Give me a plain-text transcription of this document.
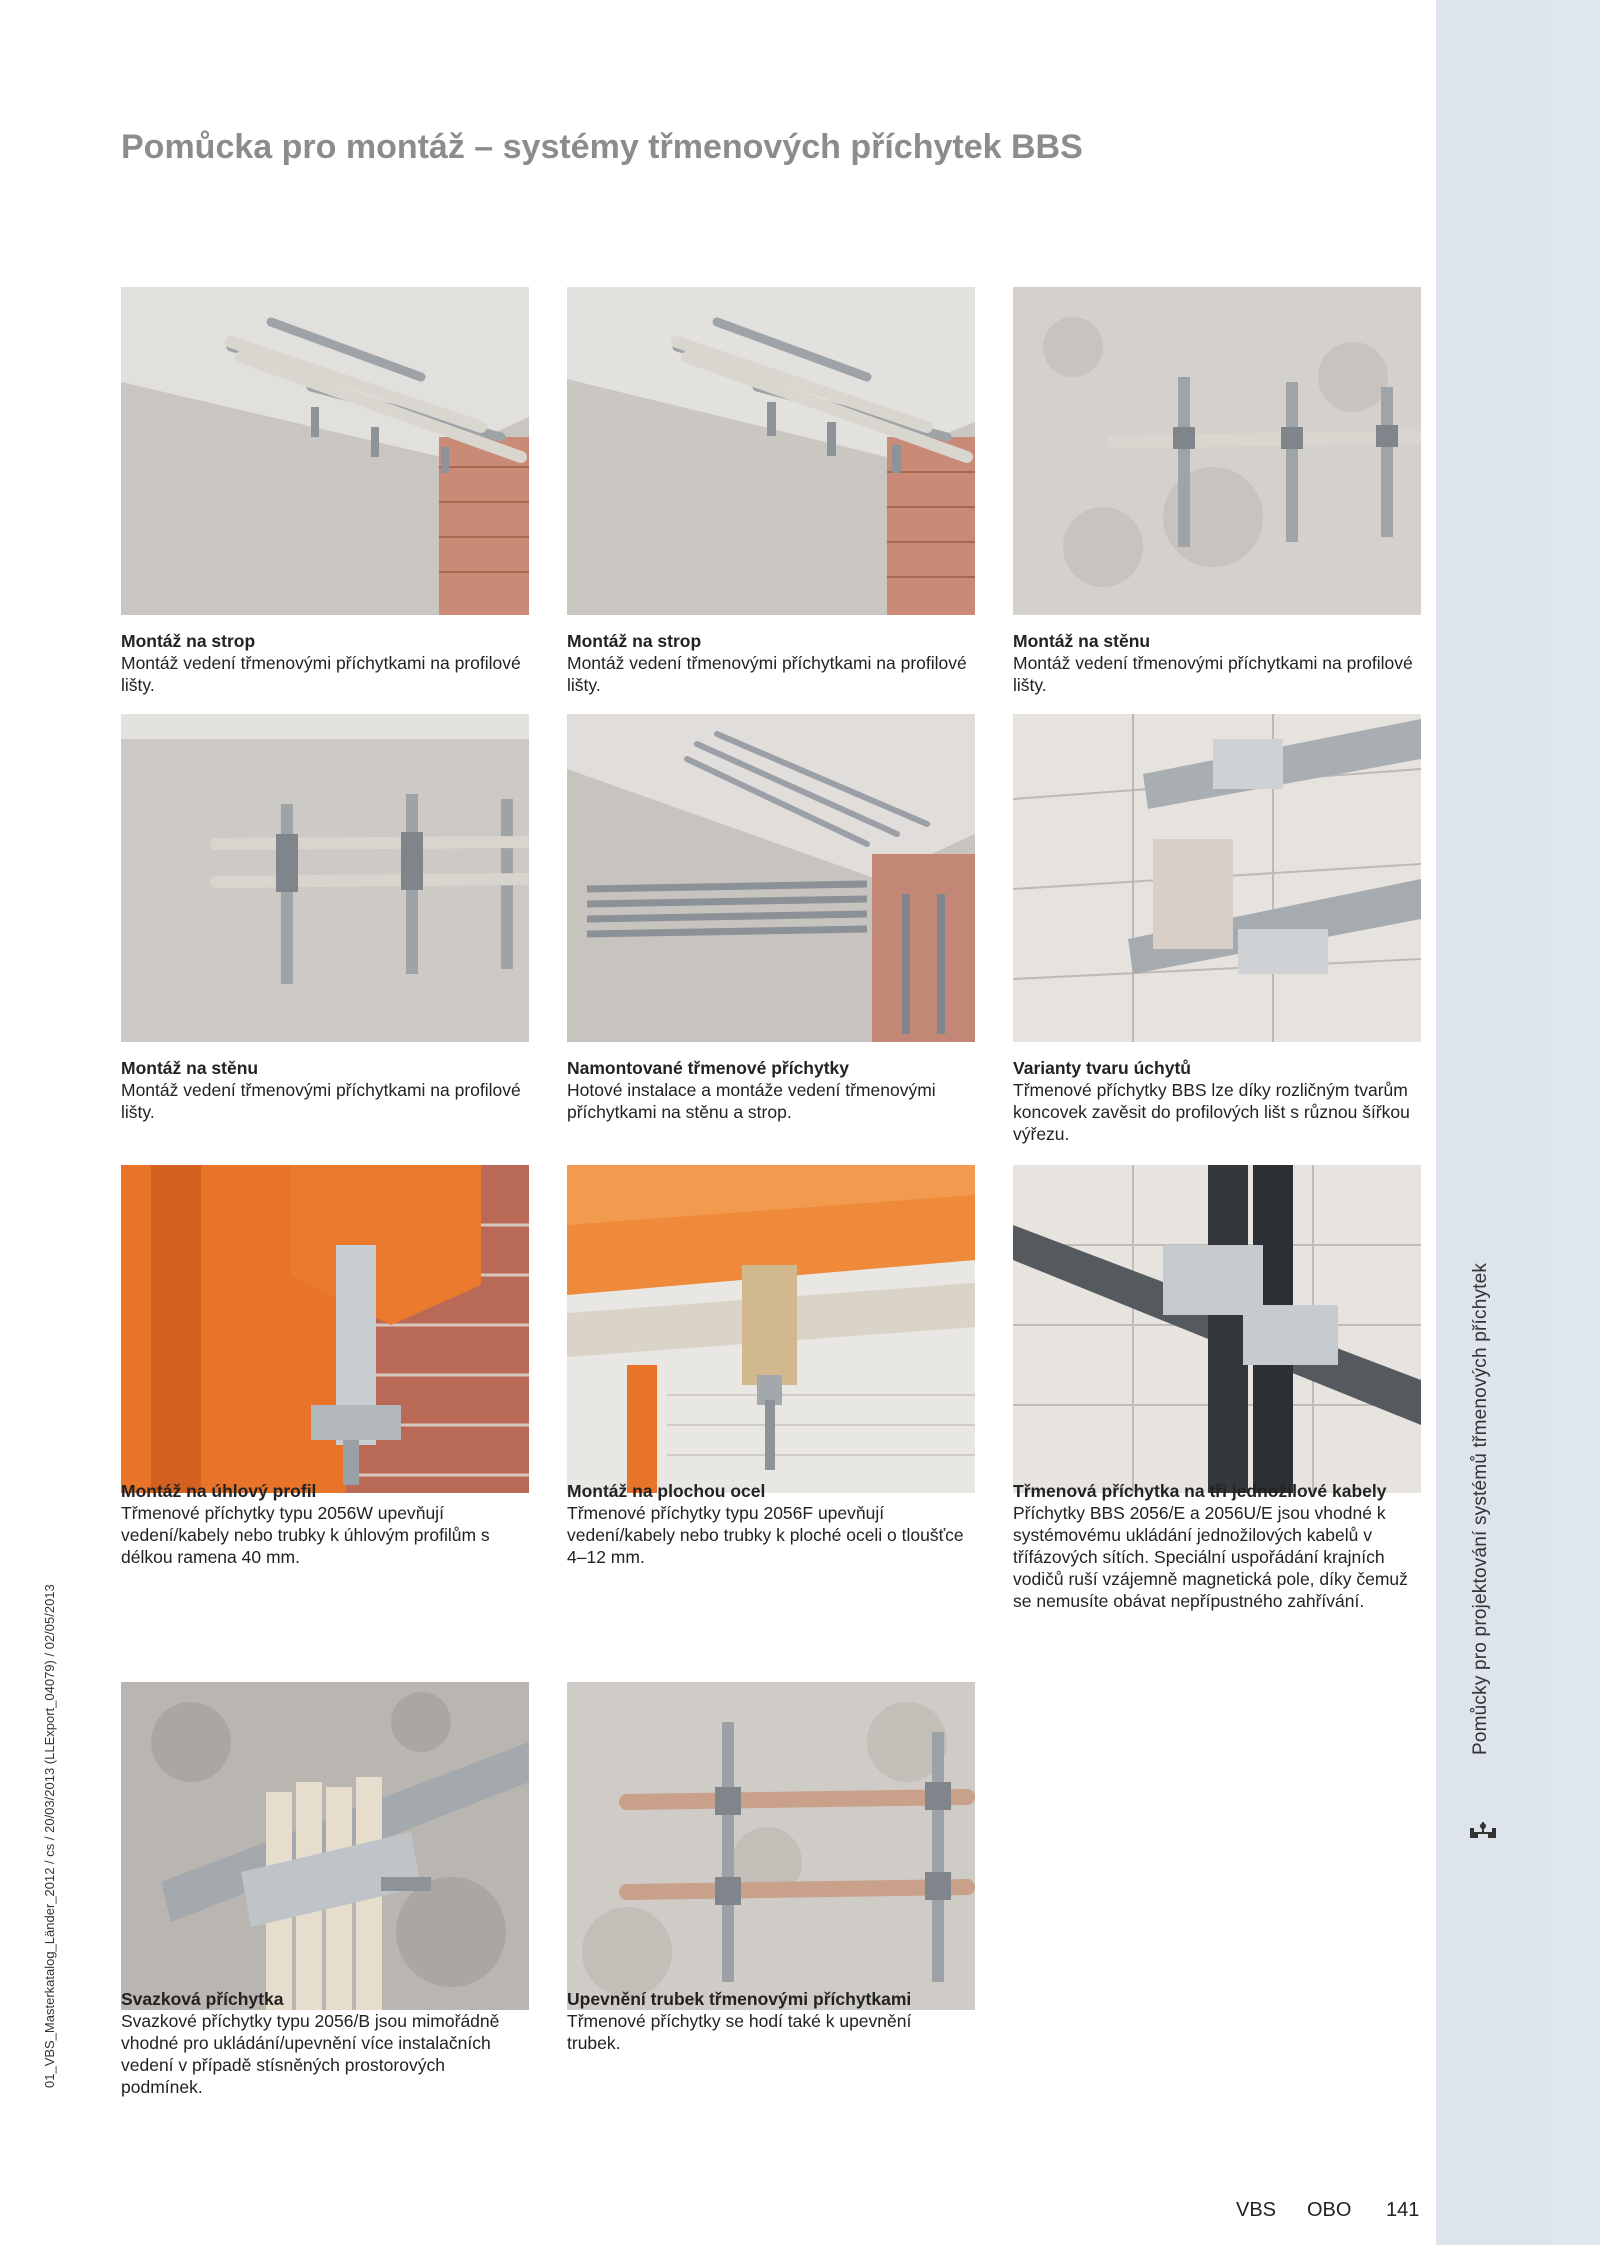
Pomůcky pro projektování systémů třmenových příchytek
01_VBS_Masterkatalog_Länder_2012 / cs / 20/03/2013 (LLExport_04079) / 02/05/2013
Pomůcka pro montáž – systémy třmenových příchytek BBS
Montáž na strop
Montáž vedení třmenovými příchytkami na profilové lišty.
Montáž na strop
Montáž vedení třmenovými příchytkami na profilové lišty.
Montáž na stěnu
Montáž vedení třmenovými příchytkami na profilové lišty.
Montáž na stěnu
Montáž vedení třmenovými příchytkami na profilové lišty.
Namontované třmenové příchytky
Hotové instalace a montáže vedení třmenovými příchytkami na stěnu a strop.
Varianty tvaru úchytů
Třmenové příchytky BBS lze díky rozličným tvarům koncovek zavěsit do profilových lišt s různou šířkou výřezu.
Montáž na úhlový profil
Třmenové příchytky typu 2056W upevňují vedení/kabely nebo trubky k úhlovým profilům s délkou ramena 40 mm.
Montáž na plochou ocel
Třmenové příchytky typu 2056F upevňují vedení/kabely nebo trubky k ploché oceli o tloušťce 4–12 mm.
Třmenová příchytka na tři jednožilové kabely
Příchytky BBS 2056/E a 2056U/E jsou vhodné k systémovému ukládání jednožilových kabelů v třífázových sítích. Speciální uspořádání krajních vodičů ruší vzájemně magnetická pole, díky čemuž se nemusíte obávat nepřípustného zahřívání.
Svazková příchytka
Svazkové příchytky typu 2056/B jsou mimořádně vhodné pro ukládání/upevnění více instalačních vedení v případě stísněných prostorových podmínek.
Upevnění trubek třmenovými příchytkami
Třmenové příchytky se hodí také k upevnění trubek.
VBS OBO 141
